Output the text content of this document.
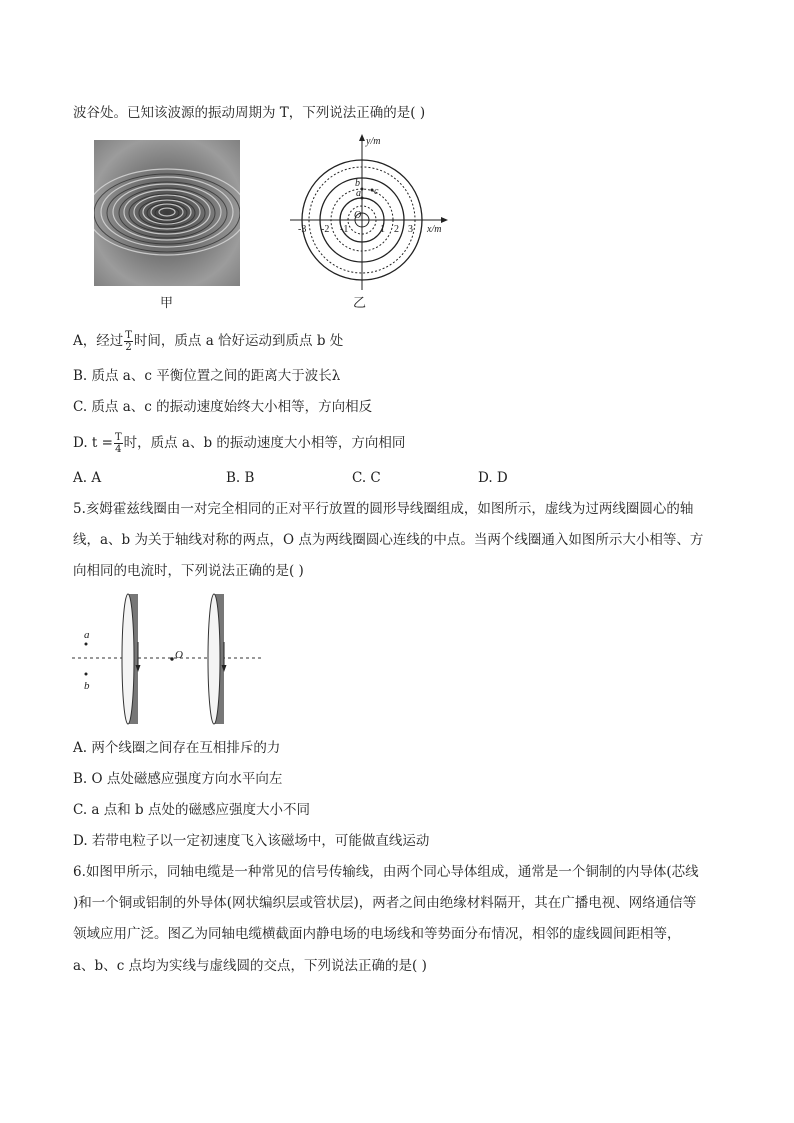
波谷处。已知该波源的振动周期为 T，下列说法正确的是( )
甲
y/m
x/m
-3 -2 -1	1 2 3
O
a
b
c
乙
A，经过 $\frac{T}{2}$ 时间，质点 a 恰好运动到质点 b 处
B. 质点 a、c 平衡位置之间的距离大于波长λ
C. 质点 a、c 的振动速度始终大小相等，方向相反
D. $t = \frac{T}{4}$ 时，质点 a、b 的振动速度大小相等，方向相同
A. A	B. B	C. C	D. D
5.亥姆霍兹线圈由一对完全相同的正对平行放置的圆形导线圈组成，如图所示，虚线为过两线圈圆心的轴
线，a、b 为关于轴线对称的两点，O 点为两线圈圆心连线的中点。当两个线圈通入如图所示大小相等、方
向相同的电流时，下列说法正确的是( )
a
b
O
A. 两个线圈之间存在互相排斥的力
B. O 点处磁感应强度方向水平向左
C. a 点和 b 点处的磁感应强度大小不同
D. 若带电粒子以一定初速度飞入该磁场中，可能做直线运动
6.如图甲所示，同轴电缆是一种常见的信号传输线，由两个同心导体组成，通常是一个铜制的内导体(芯线
)和一个铜或铝制的外导体(网状编织层或管状层)，两者之间由绝缘材料隔开，其在广播电视、网络通信等
领域应用广泛。图乙为同轴电缆横截面内静电场的电场线和等势面分布情况，相邻的虚线圆间距相等，
a、b、c 点均为实线与虚线圆的交点，下列说法正确的是( )
